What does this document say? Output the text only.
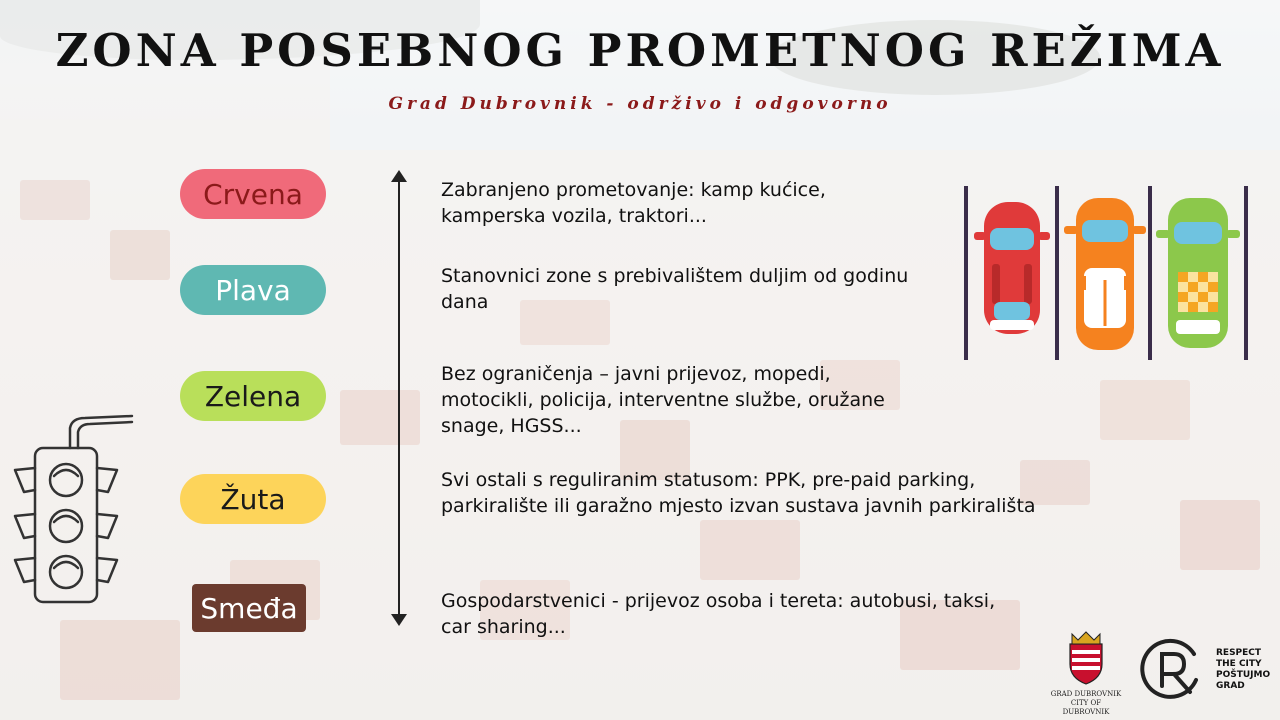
ZONA POSEBNOG PROMETNOG REŽIMA
Grad Dubrovnik - održivo i odgovorno
Crvena
Plava
Zelena
Žuta
Smeđa
Zabranjeno prometovanje: kamp kućice, kamperska vozila, traktori...
Stanovnici zone s prebivalištem duljim od godinu dana
Bez ograničenja – javni prijevoz, mopedi, motocikli, policija, interventne službe, oružane snage, HGSS...
Svi ostali s reguliranim statusom: PPK, pre-paid parking, parkiralište ili garažno mjesto izvan sustava javnih parkirališta
Gospodarstvenici - prijevoz osoba i tereta: autobusi, taksi, car sharing...
GRAD DUBROVNIK
CITY OF DUBROVNIK
RESPECT
THE CITY
POŠTUJMO
GRAD
